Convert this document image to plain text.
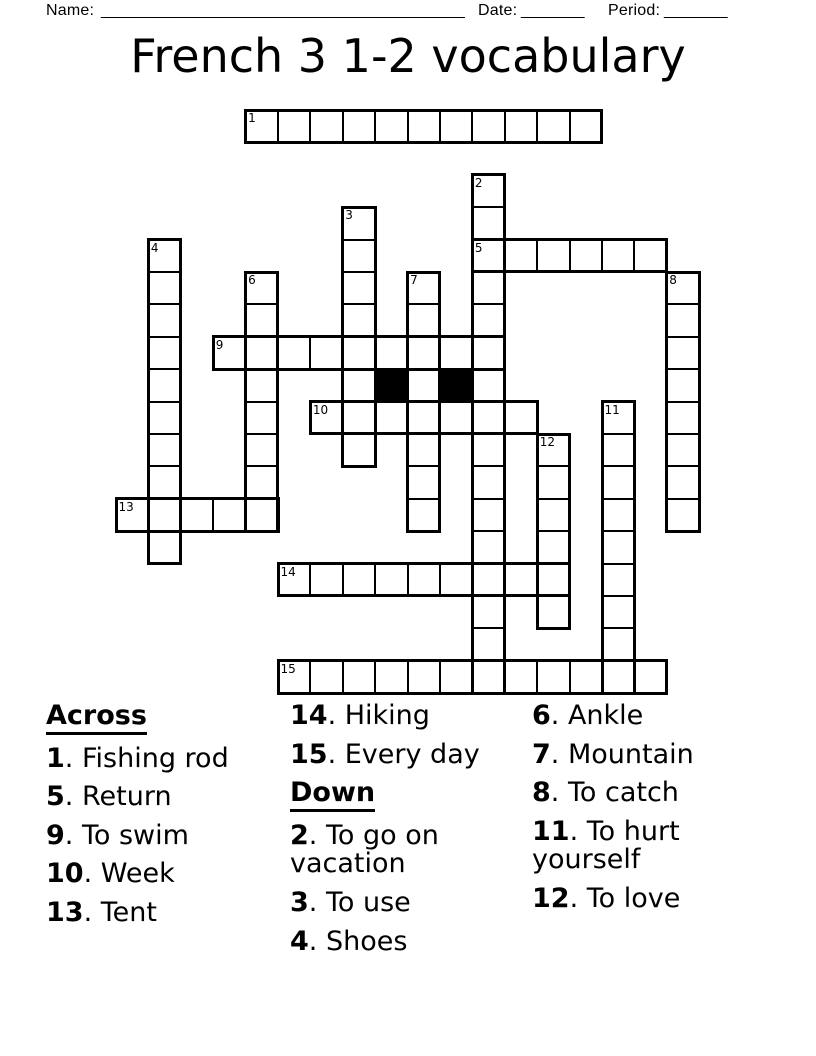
Name: ________________________________________ Date: _______ Period: _______
French 3 1-2 vocabulary
1
2
3
4	5
6	7	8
9
10	11
12
13
14
15
Across
1. Fishing rod
5. Return
9. To swim
10. Week
13. Tent
14. Hiking
15. Every day
Down
2. To go on vacation
3. To use
4. Shoes
6. Ankle
7. Mountain
8. To catch
11. To hurt yourself
12. To love
